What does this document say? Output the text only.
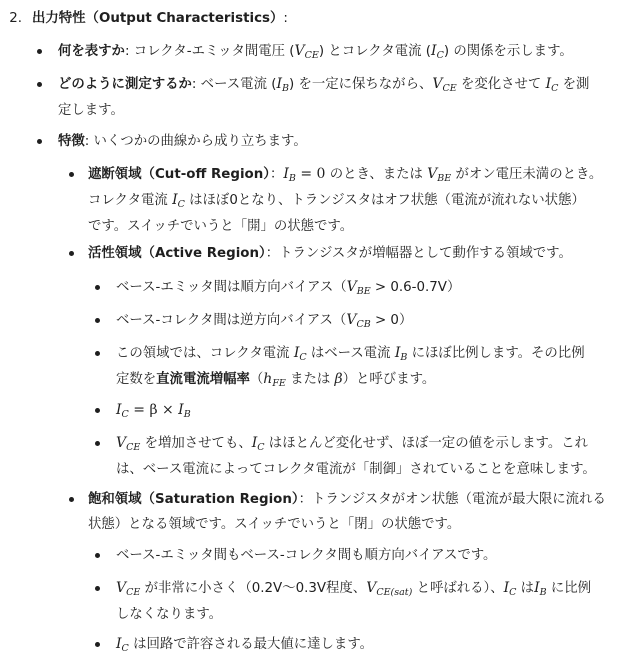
2. 出力特性（Output Characteristics）:
何を表すか: コレクタ-エミッタ間電圧 $(V_{CE})$ とコレクタ電流 $(I_C)$ の関係を示します。
どのように測定するか: ベース電流 $(I_B)$ を一定に保ちながら、$V_{CE}$ を変化させて $I_C$ を測
定します。
特徴: いくつかの曲線から成り立ちます。
遮断領域（Cut-off Region）：$I_B = 0$ のとき、または $V_{BE}$ がオン電圧未満のとき。
コレクタ電流 $I_C$ はほぼ0となり、トランジスタはオフ状態（電流が流れない状態）
です。スイッチでいうと「開」の状態です。
活性領域（Active Region）：トランジスタが増幅器として動作する領域です。
ベース-エミッタ間は順方向バイアス$(V_{BE} > 0.6-0.7V)$
ベース-コレクタ間は逆方向バイアス$(V_{CB} > 0)$
この領域では、コレクタ電流 $I_C$ はベース電流 $I_B$ にほぼ比例します。その比例
定数を直流電流増幅率（$h_{FE}$ または β）と呼びます。
$I_C = \beta \times I_B$
$V_{CE}$ を増加させても、$I_C$ はほとんど変化せず、ほぼ一定の値を示します。これ
は、ベース電流によってコレクタ電流が「制御」されていることを意味します。
飽和領域（Saturation Region）：トランジスタがオン状態（電流が最大限に流れる
状態）となる領域です。スイッチでいうと「閉」の状態です。
ベース-エミッタ間もベース-コレクタ間も順方向バイアスです。
$V_{CE}$ が非常に小さく（0.2V〜0.3V程度、$V_{CE(sat)}$ と呼ばれる）、$I_C$ は$I_B$ に比例
しなくなります。
$I_C$ は回路で許容される最大値に達します。
